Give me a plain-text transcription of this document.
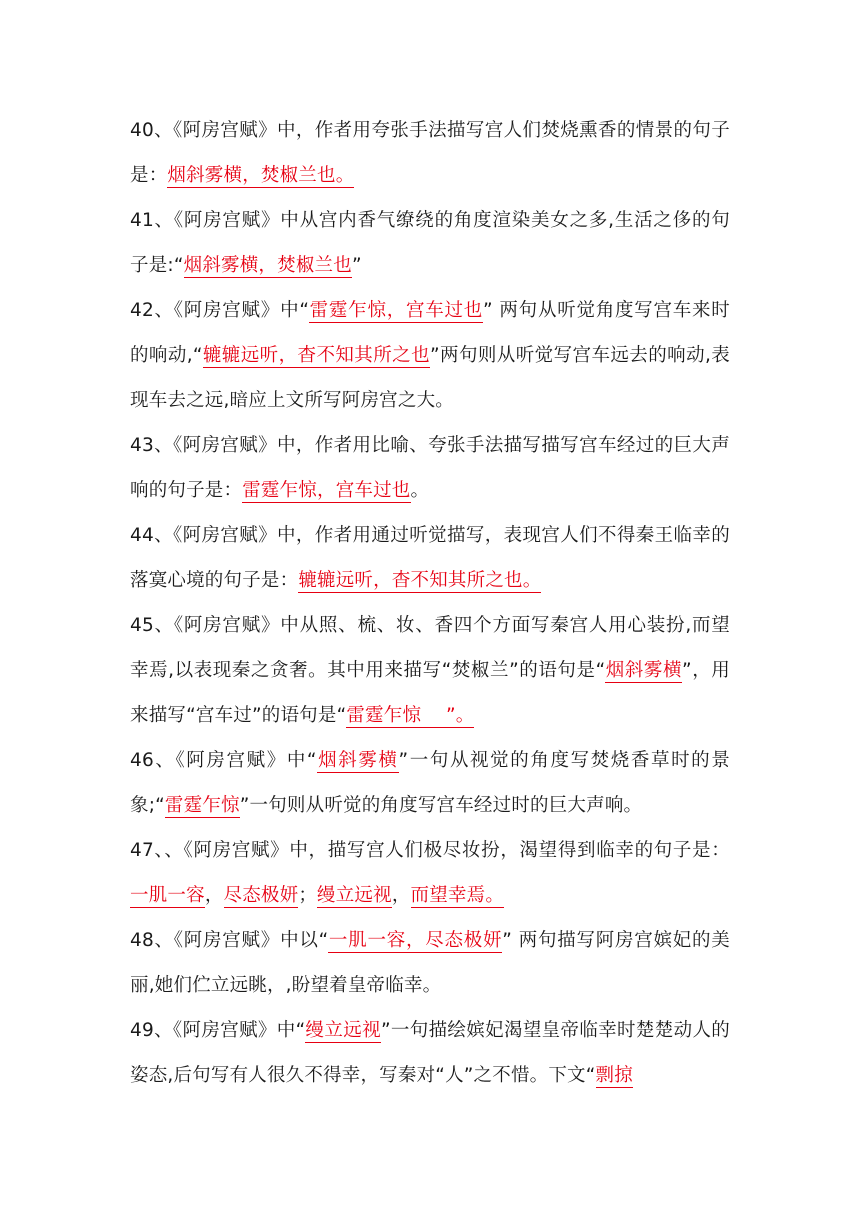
40、《阿房宫赋》中，作者用夸张手法描写宫人们焚烧熏香的情景的句子是：烟斜雾横，焚椒兰也。

41、《阿房宫赋》中从宫内香气缭绕的角度渲染美女之多,生活之侈的句子是:“烟斜雾横，焚椒兰也”

42、《阿房宫赋》中“雷霆乍惊，宫车过也” 两句从听觉角度写宫车来时的响动,“辘辘远听，杳不知其所之也”两句则从听觉写宫车远去的响动,表现车去之远,暗应上文所写阿房宫之大。

43、《阿房宫赋》中，作者用比喻、夸张手法描写描写宫车经过的巨大声响的句子是：雷霆乍惊，宫车过也。

44、《阿房宫赋》中，作者用通过听觉描写，表现宫人们不得秦王临幸的落寞心境的句子是：辘辘远听，杳不知其所之也。

45、《阿房宫赋》中从照、梳、妆、香四个方面写秦宫人用心装扮,而望幸焉,以表现秦之贪奢。其中用来描写“焚椒兰”的语句是“烟斜雾横”，用来描写“宫车过”的语句是“雷霆乍惊　 ”。

46、《阿房宫赋》中“烟斜雾横”一句从视觉的角度写焚烧香草时的景象;“雷霆乍惊”一句则从听觉的角度写宫车经过时的巨大声响。

47、、《阿房宫赋》中，描写宫人们极尽妆扮，渴望得到临幸的句子是：一肌一容，尽态极妍；缦立远视，而望幸焉。

48、《阿房宫赋》中以“一肌一容，尽态极妍” 两句描写阿房宫嫔妃的美丽,她们伫立远眺，,盼望着皇帝临幸。

49、《阿房宫赋》中“缦立远视”一句描绘嫔妃渴望皇帝临幸时楚楚动人的姿态,后句写有人很久不得幸，写秦对“人”之不惜。下文“剽掠
